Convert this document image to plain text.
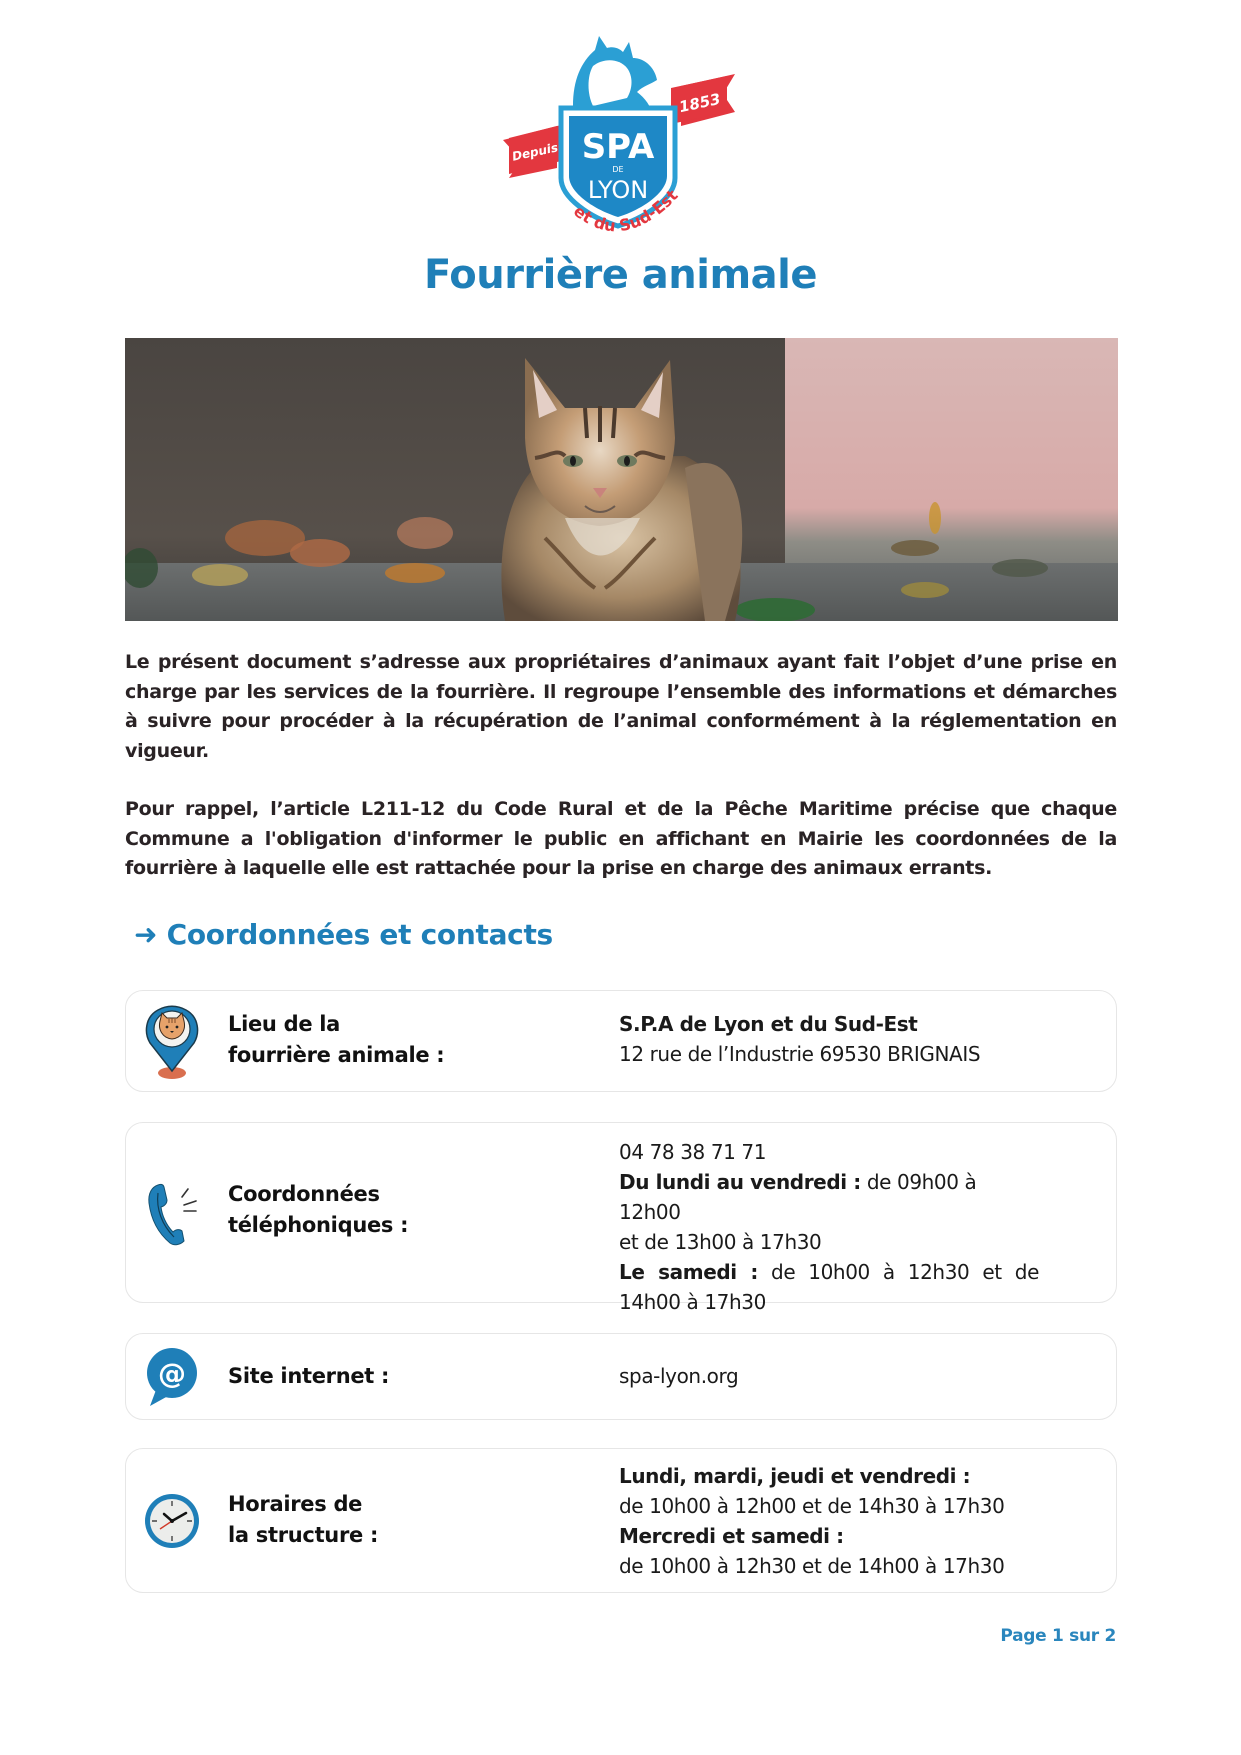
SPA
DE
LYON
Depuis
1853
et du Sud-Est
Fourrière animale
Le présent document s’adresse aux propriétaires d’animaux ayant fait l’objet d’une prise en charge par les services de la fourrière. Il regroupe l’ensemble des informations et démarches à suivre pour procéder à la récupération de l’animal conformément à la réglementation en vigueur.
Pour rappel, l’article L211-12 du Code Rural et de la Pêche Maritime précise que chaque Commune a l'obligation d'informer le public en affichant en Mairie les coordonnées de la fourrière à laquelle elle est rattachée pour la prise en charge des animaux errants.
➜ Coordonnées et contacts
Lieu de la
fourrière animale :
S.P.A de Lyon et du Sud-Est
12 rue de l’Industrie 69530 BRIGNAIS
Coordonnées
téléphoniques :
04 78 38 71 71
Du lundi au vendredi : de 09h00 à 12h00
et de 13h00 à 17h30
Le samedi : de 10h00 à 12h30 et de
14h00 à 17h30
@ Site internet :	spa-lyon.org
Horaires de
la structure :
Lundi, mardi, jeudi et vendredi :
de 10h00 à 12h00 et de 14h30 à 17h30
Mercredi et samedi :
de 10h00 à 12h30 et de 14h00 à 17h30
Page 1 sur 2
